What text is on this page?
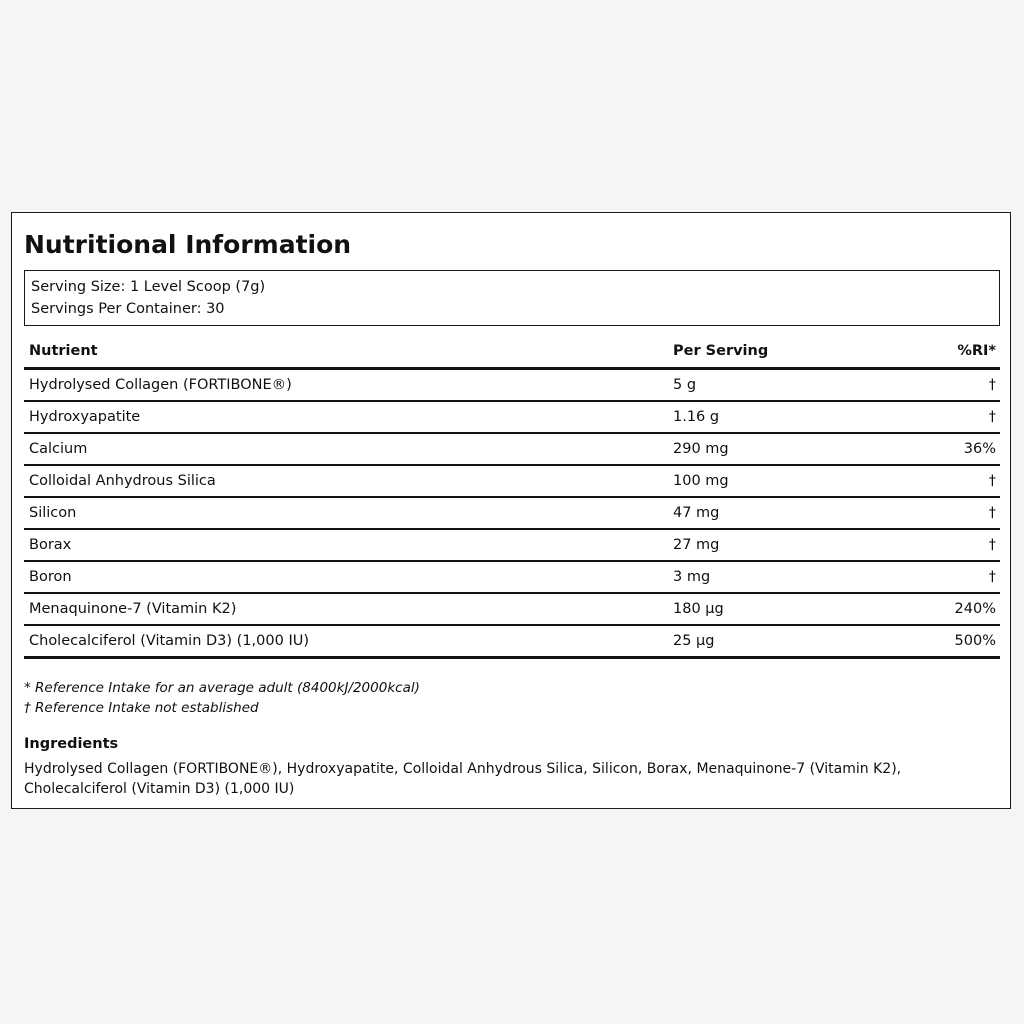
Nutritional Information
Serving Size: 1 Level Scoop (7g)
Servings Per Container: 30
Nutrient	Per Serving	%RI*
Hydrolysed Collagen (FORTIBONE®)	5 g	†
Hydroxyapatite	1.16 g	†
Calcium	290 mg	36%
Colloidal Anhydrous Silica	100 mg	†
Silicon	47 mg	†
Borax	27 mg	†
Boron	3 mg	†
Menaquinone-7 (Vitamin K2)	180 µg	240%
Cholecalciferol (Vitamin D3) (1,000 IU)	25 µg	500%
* Reference Intake for an average adult (8400kJ/2000kcal)
† Reference Intake not established
Ingredients
Hydrolysed Collagen (FORTIBONE®), Hydroxyapatite, Colloidal Anhydrous Silica, Silicon, Borax, Menaquinone-7 (Vitamin K2), Cholecalciferol (Vitamin D3) (1,000 IU)
